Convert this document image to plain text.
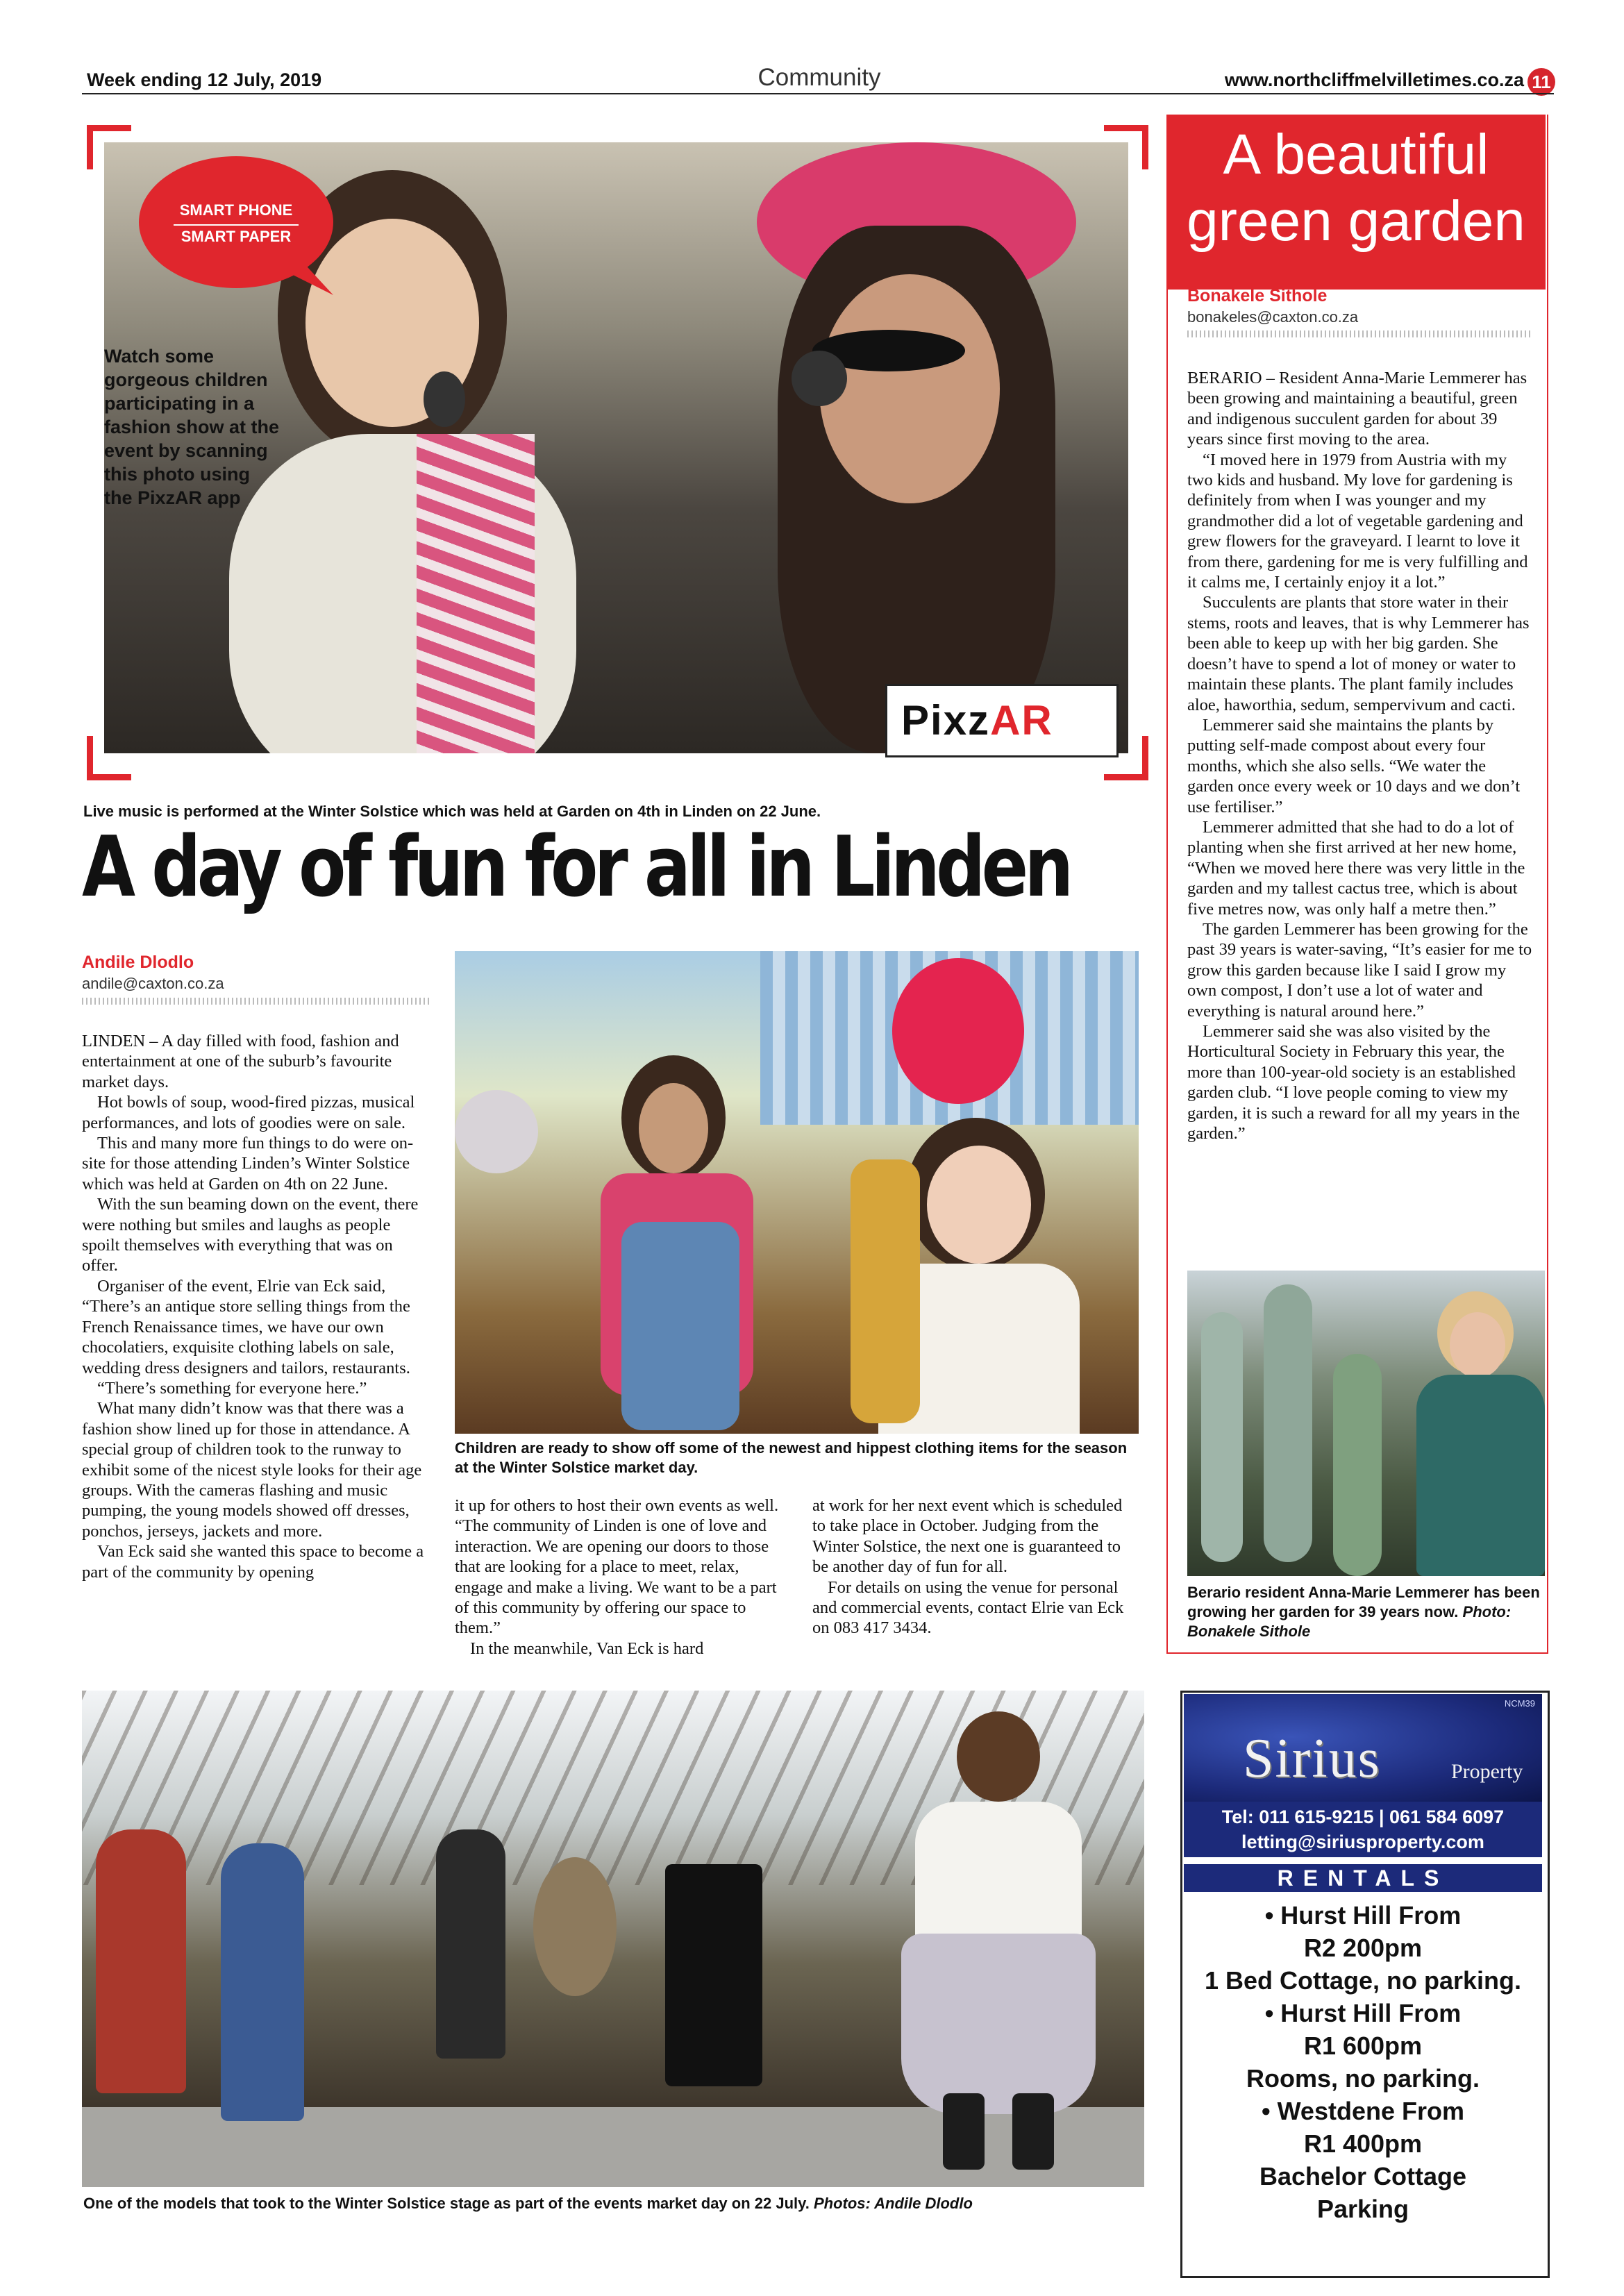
Week ending 12 July, 2019	Community	www.northcliffmelvilletimes.co.za 11
SMART PHONE
SMART PAPER
Watch some gorgeous children participating in a fashion show at the event by scanning this photo using the PixzAR app
PixzAR
Live music is performed at the Winter Solstice which was held at Garden on 4th in Linden on 22 June.
A day of fun for all in Linden
Andile Dlodlo
andile@caxton.co.za

LINDEN – A day filled with food, fashion and entertainment at one of the suburb’s favourite market days.

Hot bowls of soup, wood-fired pizzas, musical performances, and lots of goodies were on sale.

This and many more fun things to do were on-site for those attending Linden’s Winter Solstice which was held at Garden on 4th on 22 June.

With the sun beaming down on the event, there were nothing but smiles and laughs as people spoilt themselves with everything that was on offer.

Organiser of the event, Elrie van Eck said, “There’s an antique store selling things from the French Renaissance times, we have our own chocolatiers, exquisite clothing labels on sale, wedding dress designers and tailors, restaurants.

“There’s something for everyone here.”

What many didn’t know was that there was a fashion show lined up for those in attendance. A special group of children took to the runway to exhibit some of the nicest style looks for their age groups. With the cameras flashing and music pumping, the young models showed off dresses, ponchos, jerseys, jackets and more.

Van Eck said she wanted this space to become a part of the community by opening

Children are ready to show off some of the newest and hippest clothing items for the season at the Winter Solstice market day.

it up for others to host their own events as well. “The community of Linden is one of love and interaction. We are opening our doors to those that are looking for a place to meet, relax, engage and make a living. We want to be a part of this community by offering our space to them.”

In the meanwhile, Van Eck is hard

at work for her next event which is scheduled to take place in October. Judging from the Winter Solstice, the next one is guaranteed to be another day of fun for all.

For details on using the venue for personal and commercial events, contact Elrie van Eck on 083 417 3434.

One of the models that took to the Winter Solstice stage as part of the events market day on 22 July. Photos: Andile Dlodlo
A beautiful green garden
Bonakele Sithole
bonakeles@caxton.co.za

BERARIO – Resident Anna-Marie Lemmerer has been growing and maintaining a beautiful, green and indigenous succulent garden for about 39 years since first moving to the area.

“I moved here in 1979 from Austria with my two kids and husband. My love for gardening is definitely from when I was younger and my grandmother did a lot of vegetable gardening and grew flowers for the graveyard. I learnt to love it from there, gardening for me is very fulfilling and it calms me, I certainly enjoy it a lot.”

Succulents are plants that store water in their stems, roots and leaves, that is why Lemmerer has been able to keep up with her big garden. She doesn’t have to spend a lot of money or water to maintain these plants. The plant family includes aloe, haworthia, sedum, sempervivum and cacti.

Lemmerer said she maintains the plants by putting self-made compost about every four months, which she also sells. “We water the garden once every week or 10 days and we don’t use fertiliser.”

Lemmerer admitted that she had to do a lot of planting when she first arrived at her new home, “When we moved here there was very little in the garden and my tallest cactus tree, which is about five metres now, was only half a metre then.”

The garden Lemmerer has been growing for the past 39 years is water-saving, “It’s easier for me to grow this garden because like I said I grow my own compost, I don’t use a lot of water and everything is natural around here.”

Lemmerer said she was also visited by the Horticultural Society in February this year, the more than 100-year-old society is an established garden club. “I love people coming to view my garden, it is such a reward for all my years in the garden.”

Berario resident Anna-Marie Lemmerer has been growing her garden for 39 years now. Photo: Bonakele Sithole
NCM39
Sirius	Property
Tel: 011 615-9215 | 061 584 6097
letting@siriusproperty.com
RENTALS
• Hurst Hill From
R2 200pm
1 Bed Cottage, no parking.
• Hurst Hill From
R1 600pm
Rooms, no parking.
• Westdene From
R1 400pm
Bachelor Cottage
Parking
